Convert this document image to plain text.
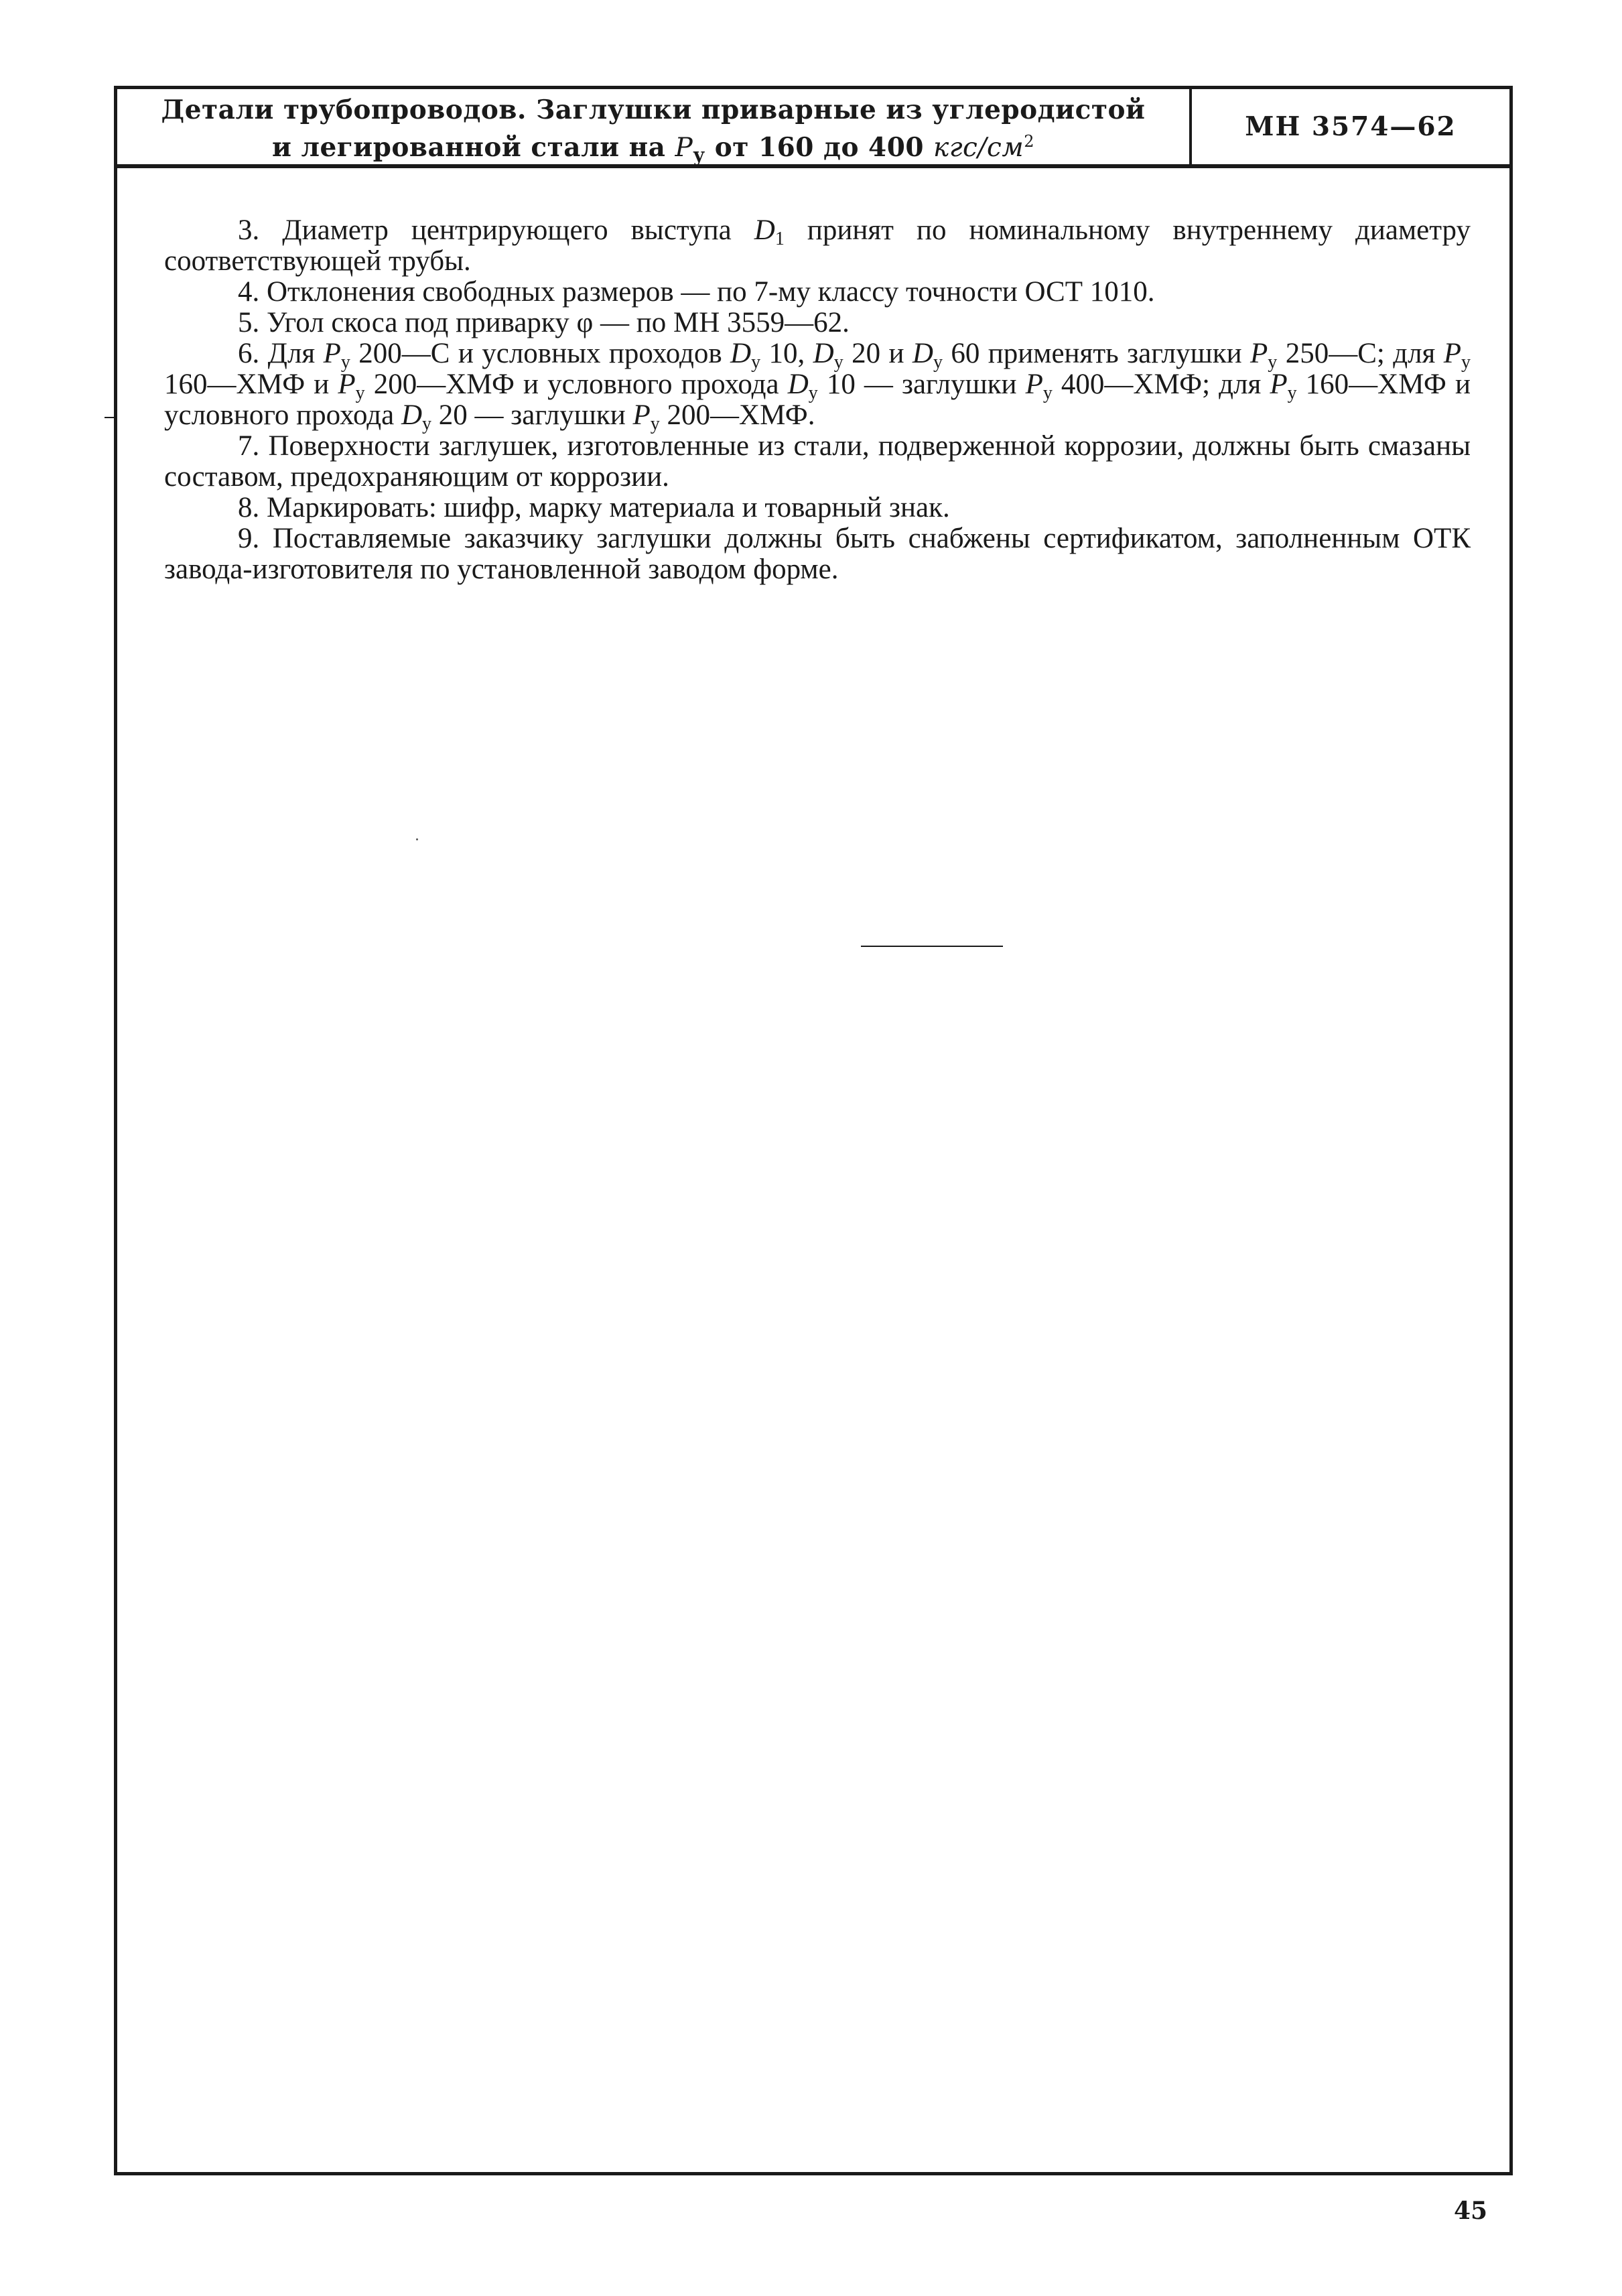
Детали трубопроводов. Заглушки приварные из углеродистой
и легированной стали на $P_у$ от 160 до 400 кгс/$см^2$	МН 3574—62

3. Диаметр центрирующего выступа $D_1$ принят по номинальному внутреннему диаметру соответствующей трубы.

4. Отклонения свободных размеров — по 7-му классу точности ОСТ 1010.

5. Угол скоса под приварку φ — по МН 3559—62.

6. Для $P_у$ 200—С и условных проходов $D_у$ 10, $D_у$ 20 и $D_у$ 60 применять заглушки $P_у$ 250—С; для $P_у$ 160—ХМФ и $P_у$ 200—ХМФ и условного прохода $D_у$ 10 — заглушки $P_у$ 400—ХМФ; для $P_у$ 160—ХМФ и условного прохода $D_у$ 20 — заглушки $P_у$ 200—ХМФ.

7. Поверхности заглушек, изготовленные из стали, подверженной коррозии, должны быть смазаны составом, предохраняющим от коррозии.

8. Маркировать: шифр, марку материала и товарный знак.

9. Поставляемые заказчику заглушки должны быть снабжены сертификатом, заполненным ОТК завода-изготовителя по установленной заводом форме.

45
